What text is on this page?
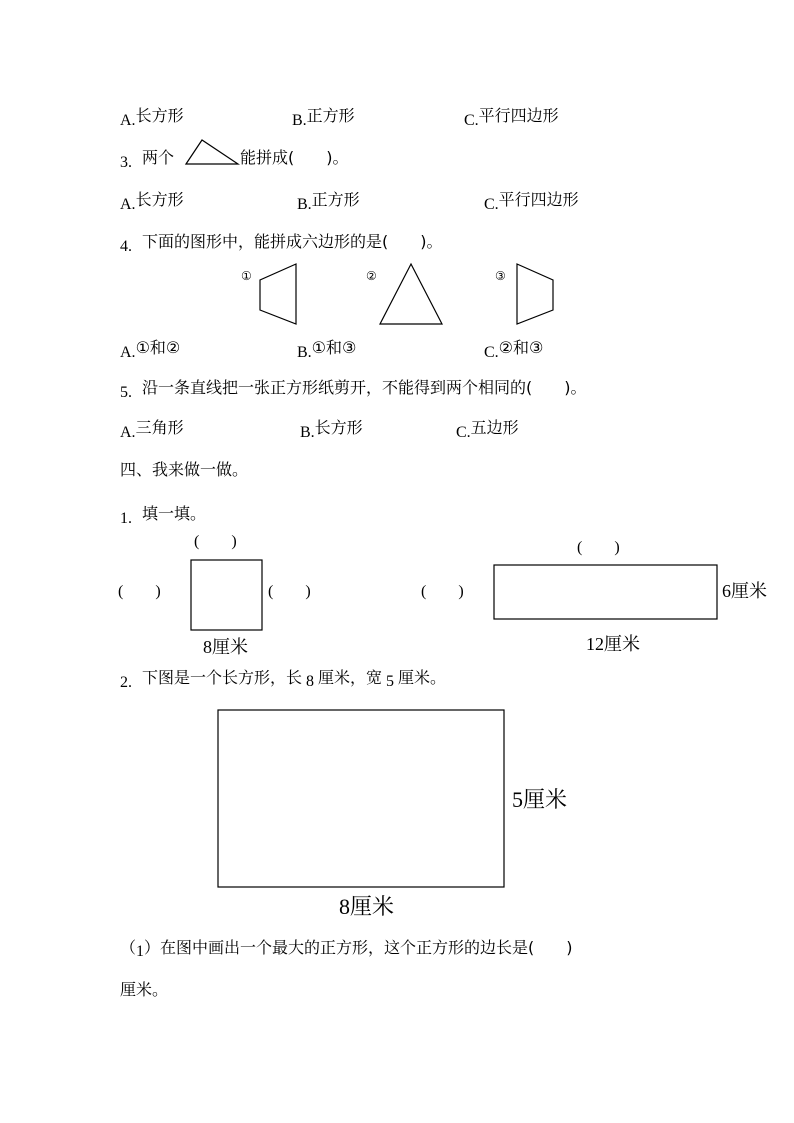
A.长方形	B.正方形	C.平行四边形
3. 两个	能拼成(　　)。
A.长方形	B.正方形	C.平行四边形
4. 下面的图形中，能拼成六边形的是(　　)。
①	②	③
A.①和②	B.①和③	C.②和③
5. 沿一条直线把一张正方形纸剪开，不能得到两个相同的(　　)。
A.三角形	B.长方形	C.五边形
四、我来做一做。
1. 填一填。
(　　)
(　　)	(　　)
8厘米
(　　)
(　　)	6厘米
12厘米
2. 下图是一个长方形，长 8 厘米，宽 5 厘米。
5厘米
8厘米
（1）在图中画出一个最大的正方形，这个正方形的边长是(　　)
厘米。
